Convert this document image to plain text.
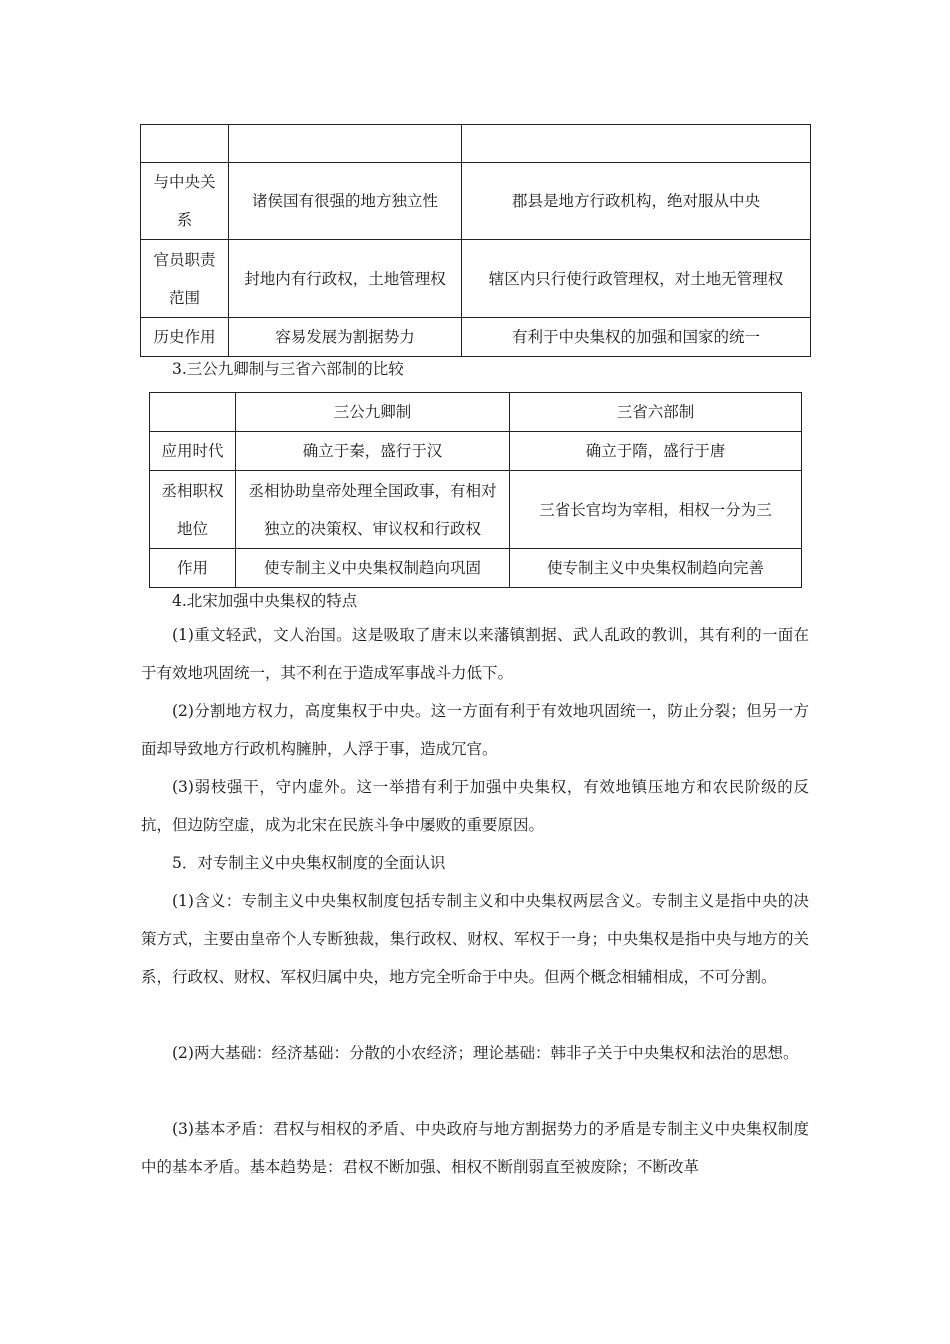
与中央关系	诸侯国有很强的地方独立性	郡县是地方行政机构，绝对服从中央
官员职责范围	封地内有行政权，土地管理权	辖区内只行使行政管理权，对土地无管理权
历史作用	容易发展为割据势力	有利于中央集权的加强和国家的统一
3.三公九卿制与三省六部制的比较
	三公九卿制	三省六部制
应用时代	确立于秦，盛行于汉	确立于隋，盛行于唐
丞相职权地位	丞相协助皇帝处理全国政事，有相对独立的决策权、审议权和行政权	三省长官均为宰相，相权一分为三
作用	使专制主义中央集权制趋向巩固	使专制主义中央集权制趋向完善
4.北宋加强中央集权的特点
(1)重文轻武，文人治国。这是吸取了唐末以来藩镇割据、武人乱政的教训，其有利的一面在于有效地巩固统一，其不利在于造成军事战斗力低下。
(2)分割地方权力，高度集权于中央。这一方面有利于有效地巩固统一，防止分裂；但另一方面却导致地方行政机构臃肿，人浮于事，造成冗官。
(3)弱枝强干，守内虚外。这一举措有利于加强中央集权，有效地镇压地方和农民阶级的反抗，但边防空虚，成为北宋在民族斗争中屡败的重要原因。
5．对专制主义中央集权制度的全面认识
(1)含义：专制主义中央集权制度包括专制主义和中央集权两层含义。专制主义是指中央的决策方式，主要由皇帝个人专断独裁，集行政权、财权、军权于一身；中央集权是指中央与地方的关系，行政权、财权、军权归属中央，地方完全听命于中央。但两个概念相辅相成，不可分割。
(2)两大基础：经济基础：分散的小农经济；理论基础：韩非子关于中央集权和法治的思想。
(3)基本矛盾：君权与相权的矛盾、中央政府与地方割据势力的矛盾是专制主义中央集权制度中的基本矛盾。基本趋势是：君权不断加强、相权不断削弱直至被废除；不断改革
